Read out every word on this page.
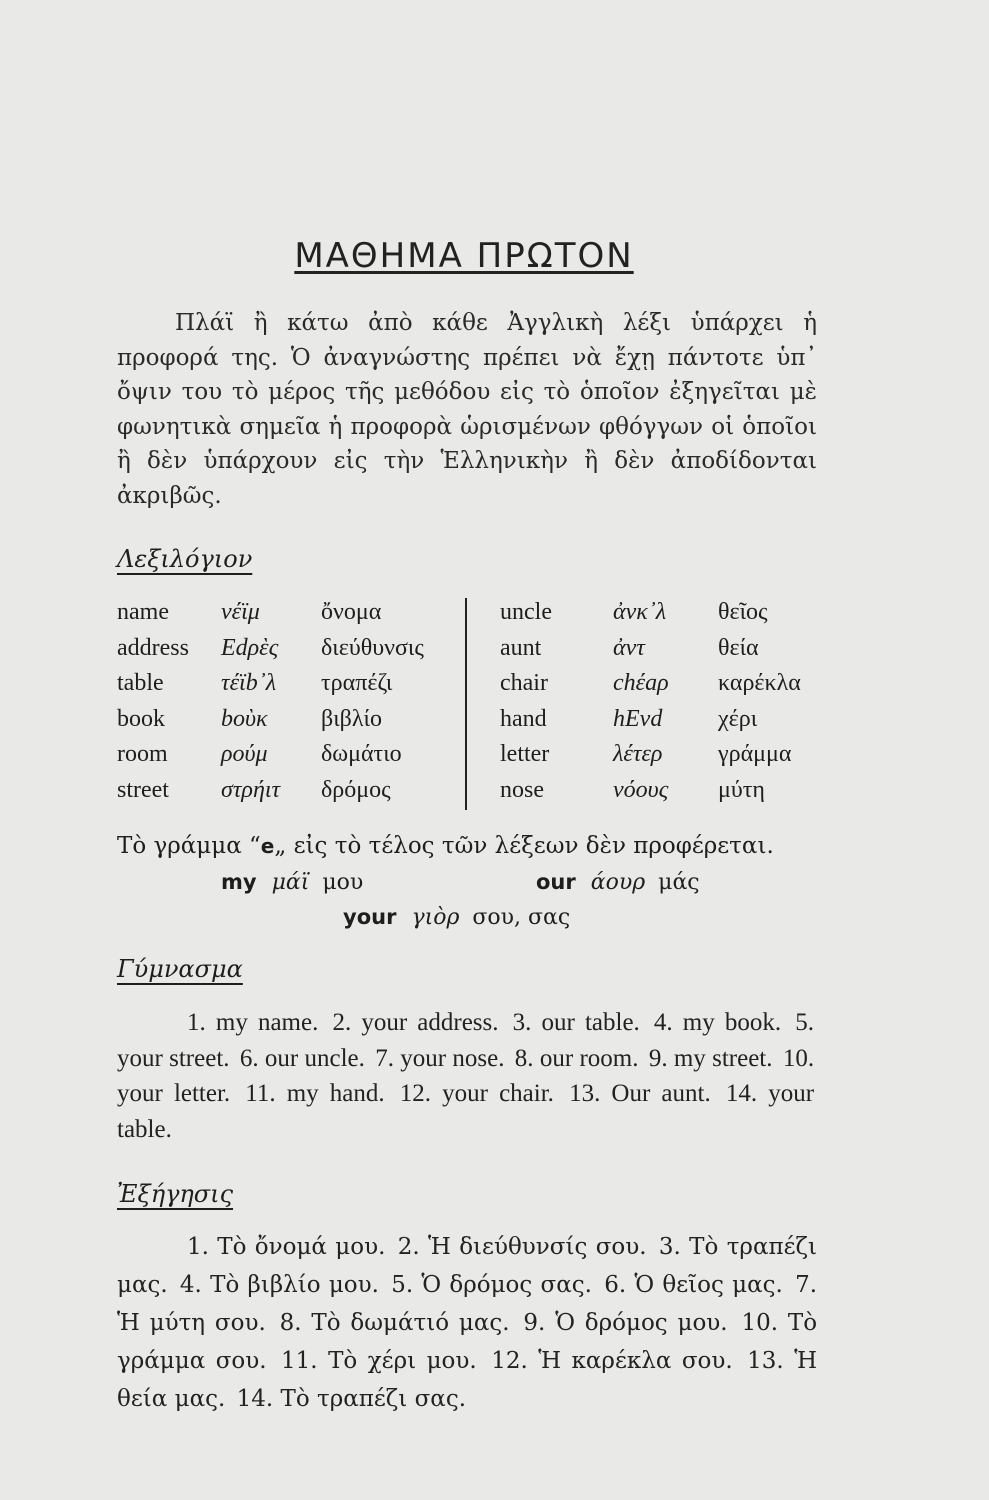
ΜΑΘΗΜΑ ΠΡΩΤΟΝ
Πλάϊ ἢ κάτω ἀπὸ κάθε Ἀγγλικὴ λέξι ὑπάρχει ἡ προφορά της. Ὁ ἀναγνώστης πρέπει νὰ ἔχῃ πάντοτε ὑπ᾽ ὄψιν του τὸ μέρος τῆς μεθόδου εἰς τὸ ὁποῖον ἐξηγεῖται μὲ φωνητικὰ σημεῖα ἡ προφορὰ ὡρισμένων φθόγγων οἱ ὁποῖοι ἢ δὲν ὑπάρχουν εἰς τὴν Ἑλληνικὴν ἢ δὲν ἀποδίδονται ἀκριβῶς.
Λεξιλόγιον
name	νέϊμ	ὄνομα
address	Edρὲς	διεύθυνσις
table	τέϊb᾽λ	τραπέζι
book	bοὺκ	βιβλίο
room	ρούμ	δωμάτιο
street	στρήιτ	δρόμος
uncle	ἀνκ᾽λ	θεῖος
aunt	ἀντ	θεία
chair	chέaρ	καρέκλα
hand	hΕνd	χέρι
letter	λέτερ	γράμμα
nose	νόους	μύτη
Τὸ γράμμα “e„ εἰς τὸ τέλος τῶν λέξεων δὲν προφέρεται.
my μάϊ μου	our άουρ μάς
your γιὸρ σου, σας
Γύμνασμα
1. my name. 2. your address. 3. our table. 4. my book. 5. your street. 6. our uncle. 7. your nose. 8. our room. 9. my street. 10. your letter. 11. my hand. 12. your chair. 13. Our aunt. 14. your table.
Ἐξήγησις
1. Τὸ ὄνομά μου. 2. Ἡ διεύθυνσίς σου. 3. Τὸ τραπέζι μας. 4. Τὸ βιβλίο μου. 5. Ὁ δρόμος σας. 6. Ὁ θεῖος μας. 7. Ἡ μύτη σου. 8. Τὸ δωμάτιό μας. 9. Ὁ δρόμος μου. 10. Τὸ γράμμα σου. 11. Τὸ χέρι μου. 12. Ἡ καρέκλα σου. 13. Ἡ θεία μας. 14. Τὸ τραπέζι σας.
